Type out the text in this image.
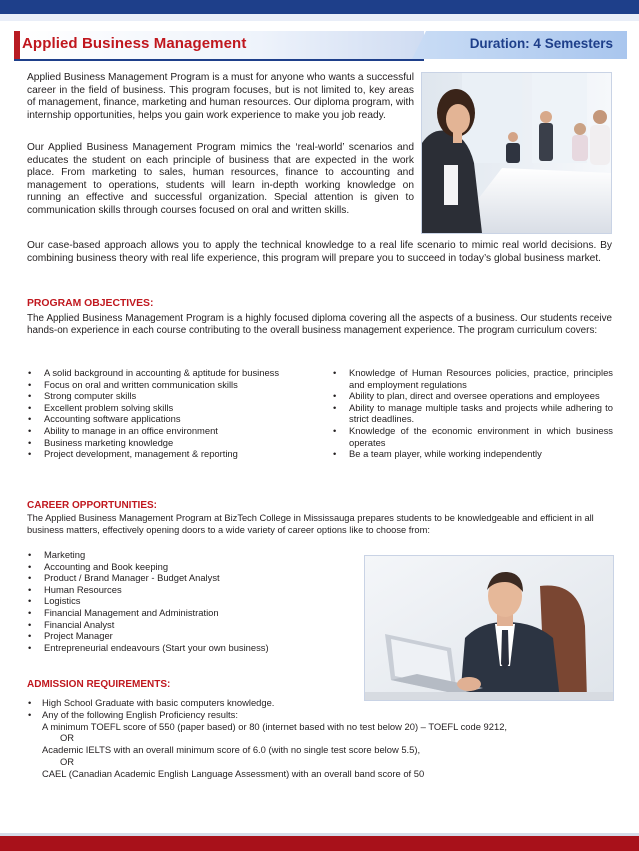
Applied Business Management	Duration: 4 Semesters
Applied Business Management Program is a must for anyone who wants a successful career in the field of business. This program focuses, but is not limited to, key areas of management, finance, marketing and human resources. Our diploma program, with internship opportunities, helps you gain work experience to make you job ready.
Our Applied Business Management Program mimics the ‘real-world’ scenarios and educates the student on each principle of business that are expected in the work place. From marketing to sales, human resources, finance to accounting and management to operations, students will learn in-depth working knowledge on running an effective and successful organization. Special attention is given to communication skills through courses focused on oral and written skills.
Our case-based approach allows you to apply the technical knowledge to a real life scenario to mimic real world decisions. By combining business theory with real life experience, this program will prepare you to succeed in today’s global business market.
PROGRAM OBJECTIVES:
The Applied Business Management Program is a highly focused diploma covering all the aspects of a business. Our students receive hands-on experience in each course contributing to the overall business management experience. The program curriculum covers:
• A solid background in accounting & aptitude for business
• Focus on oral and written communication skills
• Strong computer skills
• Excellent problem solving skills
• Accounting software applications
• Ability to manage in an office environment
• Business marketing knowledge
• Project development, management & reporting
• Knowledge of Human Resources policies, practice, principles and employment regulations
• Ability to plan, direct and oversee operations and employees
• Ability to manage multiple tasks and projects while adhering to strict deadlines.
• Knowledge of the economic environment in which business operates
• Be a team player, while working independently
CAREER OPPORTUNITIES:
The Applied Business Management Program at BizTech College in Mississauga prepares students to be knowledgeable and efficient in all business matters, effectively opening doors to a wide variety of career options like to choose from:
• Marketing
• Accounting and Book keeping
• Product / Brand Manager - Budget Analyst
• Human Resources
• Logistics
• Financial Management and Administration
• Financial Analyst
• Project Manager
• Entrepreneurial endeavours (Start your own business)
ADMISSION REQUIREMENTS:
• High School Graduate with basic computers knowledge.
• Any of the following English Proficiency results:
A minimum TOEFL score of 550 (paper based) or 80 (internet based with no test below 20) – TOEFL code 9212,
OR
Academic IELTS with an overall minimum score of 6.0 (with no single test score below 5.5),
OR
CAEL (Canadian Academic English Language Assessment) with an overall band score of 50
